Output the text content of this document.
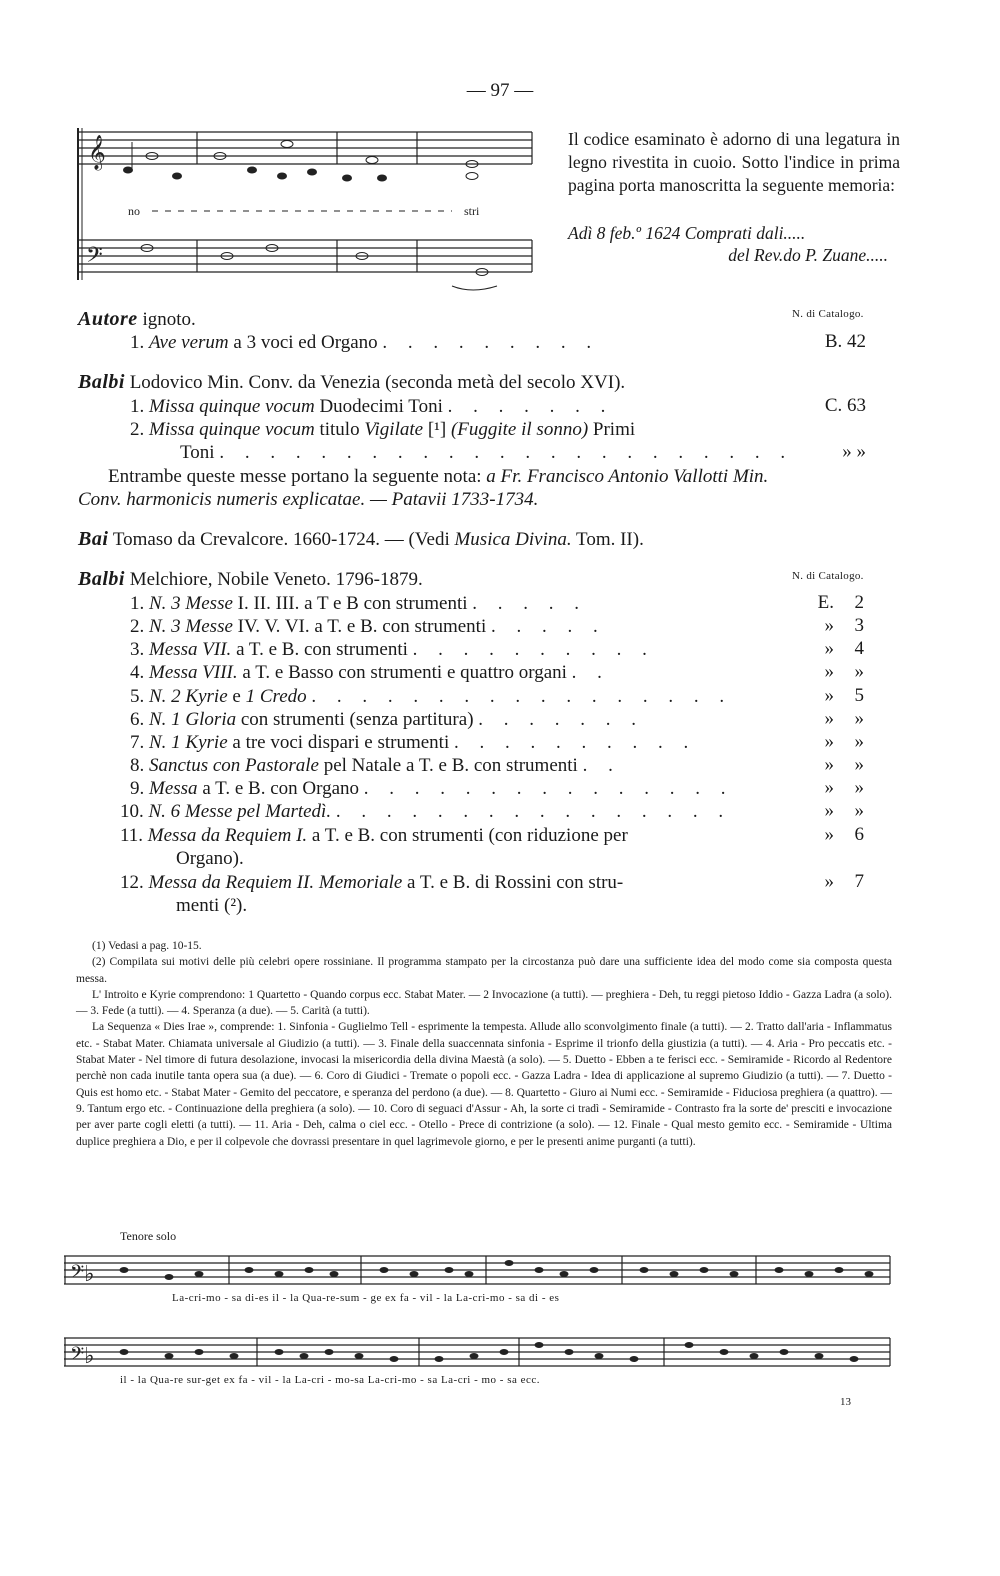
— 97 —
𝄞
no	stri
𝄢
Il codice esaminato è adorno di una legatura in legno rivestita in cuoio. Sotto l'indice in prima pagina porta manoscritta la seguente memoria:
Adì 8 feb.º 1624 Comprati dali.....
del Rev.do P. Zuane.....
N. di Catalogo.
Autore ignoto.
1. Ave verum a 3 voci ed Organo . . . . . . . . .	B. 42
Balbi Lodovico Min. Conv. da Venezia (seconda metà del secolo XVI).
1. Missa quinque vocum Duodecimi Toni . . . . . . .	C. 63
2. Missa quinque vocum titulo Vigilate [¹] (Fuggite il sonno) Primi
Toni . . . . . . . . . . . . . . . . . . . . . . .	» »
Entrambe queste messe portano la seguente nota: a Fr. Francisco Antonio Vallotti Min.
Conv. harmonicis numeris explicatae. — Patavii 1733-1734.
Bai Tomaso da Crevalcore. 1660-1724. — (Vedi Musica Divina. Tom. II).
N. di Catalogo.
Balbi Melchiore, Nobile Veneto. 1796-1879.
1. N. 3 Messe I. II. III. a T e B con strumenti . . . . .	E.	2
2. N. 3 Messe IV. V. VI. a T. e B. con strumenti . . . . .	»	3
3. Messa VII. a T. e B. con strumenti . . . . . . . . . .	»	4
4. Messa VIII. a T. e Basso con strumenti e quattro organi . .	»	»
5. N. 2 Kyrie e 1 Credo . . . . . . . . . . . . . . . . .	»	5
6. N. 1 Gloria con strumenti (senza partitura) . . . . . . .	»	»
7. N. 1 Kyrie a tre voci dispari e strumenti . . . . . . . . . .	»	»
8. Sanctus con Pastorale pel Natale a T. e B. con strumenti . .	»	»
9. Messa a T. e B. con Organo . . . . . . . . . . . . . . .	»	»
10. N. 6 Messe pel Martedì. . . . . . . . . . . . . . . . .	»	»
11. Messa da Requiem I. a T. e B. con strumenti (con riduzione per	»	6
Organo).
12. Messa da Requiem II. Memoriale a T. e B. di Rossini con stru-	»	7
menti (²).

(1) Vedasi a pag. 10-15.

(2) Compilata sui motivi delle più celebri opere rossiniane. Il programma stampato per la circostanza può dare una sufficiente idea del modo come sia composta questa messa.

L' Introito e Kyrie comprendono: 1 Quartetto - Quando corpus ecc. Stabat Mater. — 2 Invocazione (a tutti). — preghiera - Deh, tu reggi pietoso Iddio - Gazza Ladra (a solo). — 3. Fede (a tutti). — 4. Speranza (a due). — 5. Carità (a tutti).

La Sequenza « Dies Irae », comprende: 1. Sinfonia - Guglielmo Tell - esprimente la tempesta. Allude allo sconvolgimento finale (a tutti). — 2. Tratto dall'aria - Inflammatus etc. - Stabat Mater. Chiamata universale al Giudizio (a tutti). — 3. Finale della suaccennata sinfonia - Esprime il trionfo della giustizia (a tutti). — 4. Aria - Pro peccatis etc. - Stabat Mater - Nel timore di futura desolazione, invocasi la misericordia della divina Maestà (a solo). — 5. Duetto - Ebben a te ferisci ecc. - Semiramide - Ricordo al Redentore perchè non cada inutile tanta opera sua (a due). — 6. Coro di Giudici - Tremate o popoli ecc. - Gazza Ladra - Idea di applicazione al supremo Giudizio (a tutti). — 7. Duetto - Quis est homo etc. - Stabat Mater - Gemito del peccatore, e speranza del perdono (a due). — 8. Quartetto - Giuro ai Numi ecc. - Semiramide - Fiduciosa preghiera (a quattro). — 9. Tantum ergo etc. - Continuazione della preghiera (a solo). — 10. Coro di seguaci d'Assur - Ah, la sorte ci tradì - Semiramide - Contrasto fra la sorte de' presciti e invocazione per aver parte cogli eletti (a tutti). — 11. Aria - Deh, calma o ciel ecc. - Otello - Prece di contrizione (a solo). — 12. Finale - Qual mesto gemito ecc. - Semiramide - Ultima duplice preghiera a Dio, e per il colpevole che dovrassi presentare in quel lagrimevole giorno, e per le presenti anime purganti (a tutti).

Tenore solo
𝄢♭
La-cri-mo - sa di-es il - la Qua-re-sum - ge ex fa - vil - la La-cri-mo - sa di - es
𝄢♭
il - la Qua-re sur-get ex fa - vil - la La-cri - mo-sa La-cri-mo - sa La-cri - mo - sa ecc.
13
